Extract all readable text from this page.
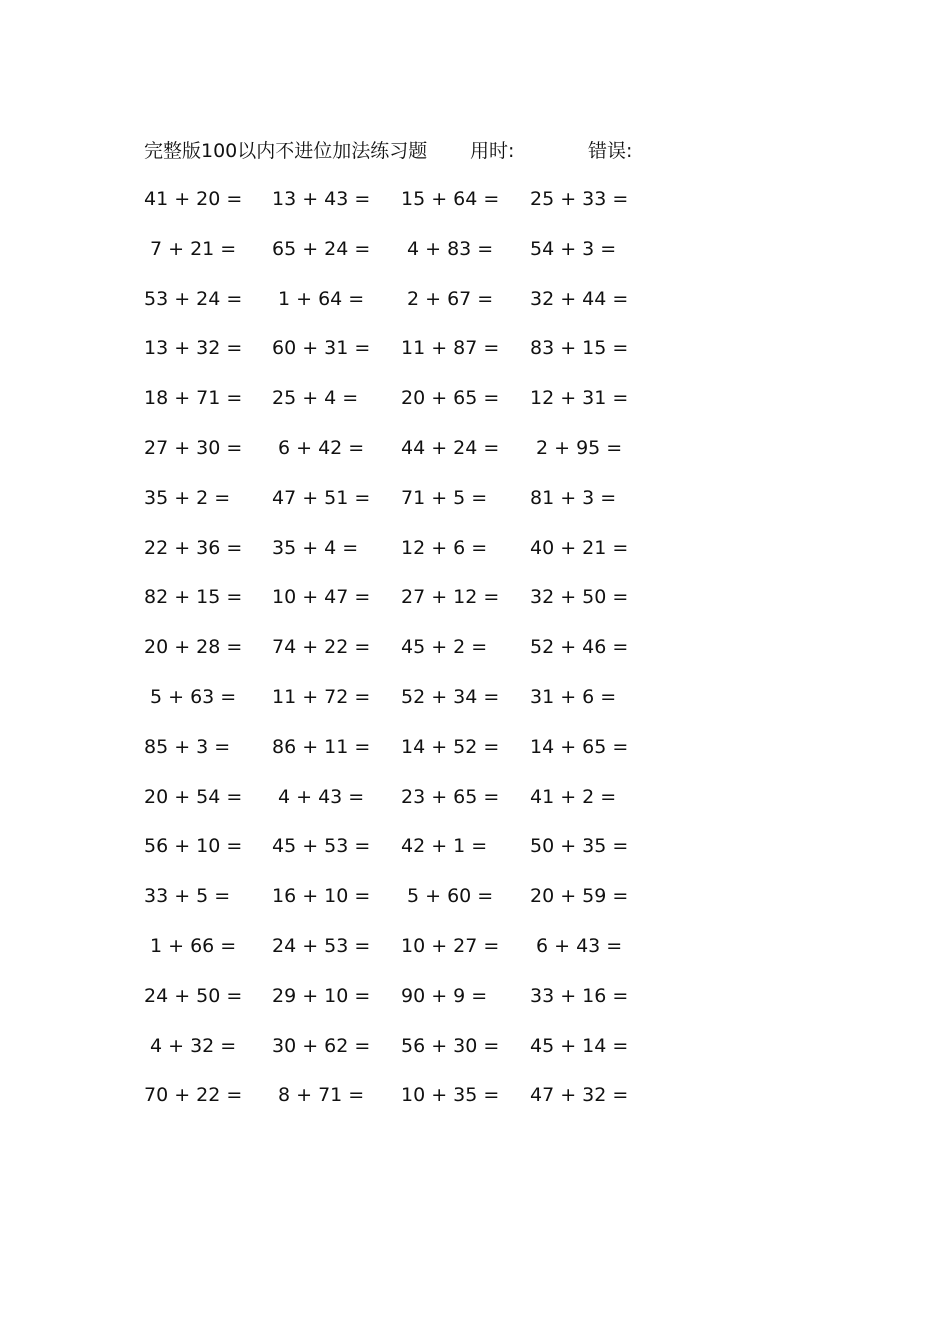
完整版100以内不进位加法练习题 用时:	错误:
41 + 20 = 13 + 43 = 15 + 64 = 25 + 33 =
7 + 21 = 65 + 24 = 4 + 83 = 54 + 3 =
53 + 24 = 1 + 64 = 2 + 67 = 32 + 44 =
13 + 32 = 60 + 31 = 11 + 87 = 83 + 15 =
18 + 71 = 25 + 4 = 20 + 65 = 12 + 31 =
27 + 30 = 6 + 42 = 44 + 24 = 2 + 95 =
35 + 2 = 47 + 51 = 71 + 5 = 81 + 3 =
22 + 36 = 35 + 4 = 12 + 6 = 40 + 21 =
82 + 15 = 10 + 47 = 27 + 12 = 32 + 50 =
20 + 28 = 74 + 22 = 45 + 2 = 52 + 46 =
5 + 63 = 11 + 72 = 52 + 34 = 31 + 6 =
85 + 3 = 86 + 11 = 14 + 52 = 14 + 65 =
20 + 54 = 4 + 43 = 23 + 65 = 41 + 2 =
56 + 10 = 45 + 53 = 42 + 1 = 50 + 35 =
33 + 5 = 16 + 10 = 5 + 60 = 20 + 59 =
1 + 66 = 24 + 53 = 10 + 27 = 6 + 43 =
24 + 50 = 29 + 10 = 90 + 9 = 33 + 16 =
4 + 32 = 30 + 62 = 56 + 30 = 45 + 14 =
70 + 22 = 8 + 71 = 10 + 35 = 47 + 32 =
